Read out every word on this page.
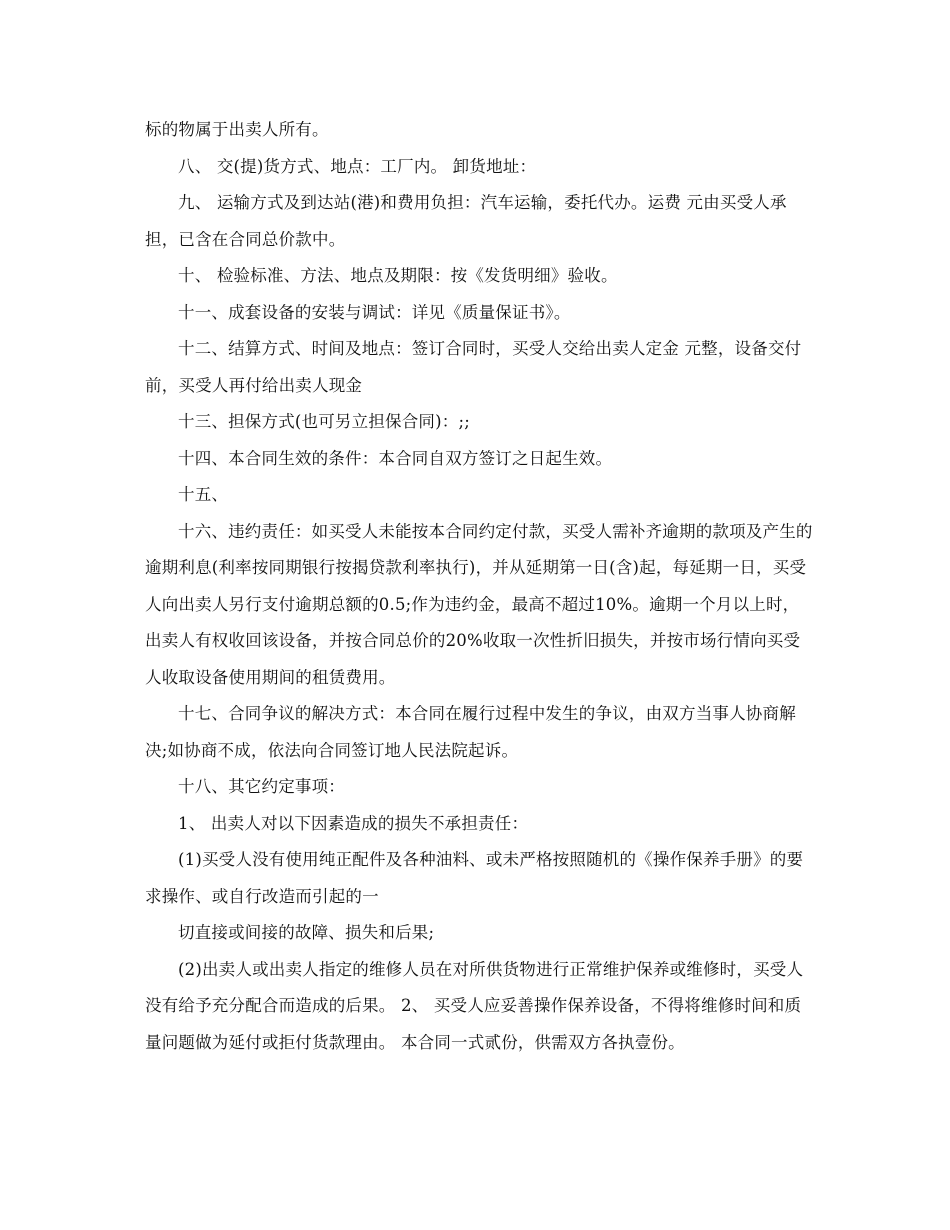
标的物属于出卖人所有。

八、 交(提)货方式、地点：工厂内。 卸货地址：

九、 运输方式及到达站(港)和费用负担：汽车运输，委托代办。运费 元由买受人承担，已含在合同总价款中。

十、 检验标准、方法、地点及期限：按《发货明细》验收。

十一、成套设备的安装与调试：详见《质量保证书》。

十二、结算方式、时间及地点：签订合同时，买受人交给出卖人定金 元整，设备交付前，买受人再付给出卖人现金

十三、担保方式(也可另立担保合同)：;;

十四、本合同生效的条件：本合同自双方签订之日起生效。

十五、

十六、违约责任：如买受人未能按本合同约定付款，买受人需补齐逾期的款项及产生的逾期利息(利率按同期银行按揭贷款利率执行)，并从延期第一日(含)起，每延期一日，买受人向出卖人另行支付逾期总额的0.5;作为违约金，最高不超过10%。逾期一个月以上时，出卖人有权收回该设备，并按合同总价的20%收取一次性折旧损失，并按市场行情向买受人收取设备使用期间的租赁费用。

十七、合同争议的解决方式：本合同在履行过程中发生的争议，由双方当事人协商解决;如协商不成，依法向合同签订地人民法院起诉。

十八、其它约定事项：

1、 出卖人对以下因素造成的损失不承担责任：

(1)买受人没有使用纯正配件及各种油料、或未严格按照随机的《操作保养手册》的要求操作、或自行改造而引起的一

切直接或间接的故障、损失和后果;

(2)出卖人或出卖人指定的维修人员在对所供货物进行正常维护保养或维修时，买受人没有给予充分配合而造成的后果。 2、 买受人应妥善操作保养设备，不得将维修时间和质量问题做为延付或拒付货款理由。 本合同一式贰份，供需双方各执壹份。
